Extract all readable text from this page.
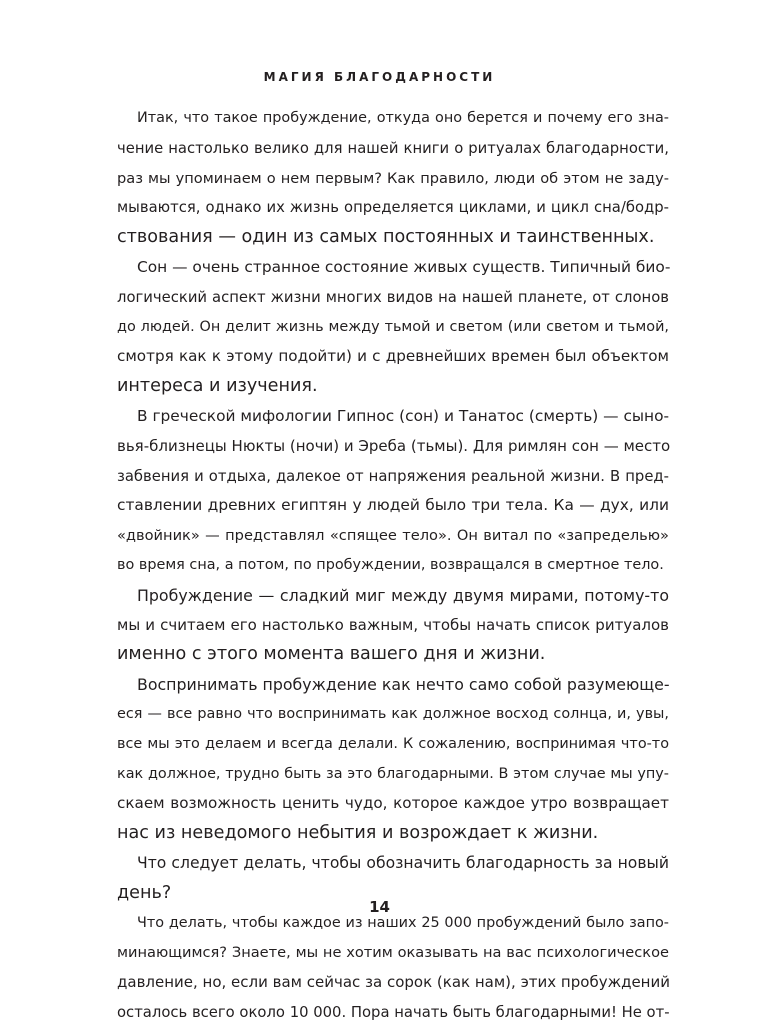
МАГИЯ БЛАГОДАРНОСТИ
Итак, что такое пробуждение, откуда оно берется и почему его зна-
чение настолько велико для нашей книги о ритуалах благодарности,
раз мы упоминаем о нем первым? Как правило, люди об этом не заду-
мываются, однако их жизнь определяется циклами, и цикл сна/бодр-
ствования — один из самых постоянных и таинственных.
Сон — очень странное состояние живых существ. Типичный био-
логический аспект жизни многих видов на нашей планете, от слонов
до людей. Он делит жизнь между тьмой и светом (или светом и тьмой,
смотря как к этому подойти) и с древнейших времен был объектом
интереса и изучения.
В греческой мифологии Гипнос (сон) и Танатос (смерть) — сыно-
вья-близнецы Нюкты (ночи) и Эреба (тьмы). Для римлян сон — место
забвения и отдыха, далекое от напряжения реальной жизни. В пред-
ставлении древних египтян у людей было три тела. Ка — дух, или
«двойник» — представлял «спящее тело». Он витал по «запределью»
во время сна, а потом, по пробуждении, возвращался в смертное тело.
Пробуждение — сладкий миг между двумя мирами, потому-то
мы и считаем его настолько важным, чтобы начать список ритуалов
именно с этого момента вашего дня и жизни.
Воспринимать пробуждение как нечто само собой разумеюще-
еся — все равно что воспринимать как должное восход солнца, и, увы,
все мы это делаем и всегда делали. К сожалению, воспринимая что-то
как должное, трудно быть за это благодарными. В этом случае мы упу-
скаем возможность ценить чудо, которое каждое утро возвращает
нас из неведомого небытия и возрождает к жизни.
Что следует делать, чтобы обозначить благодарность за новый
день?
Что делать, чтобы каждое из наших 25 000 пробуждений было запо-
минающимся? Знаете, мы не хотим оказывать на вас психологическое
давление, но, если вам сейчас за сорок (как нам), этих пробуждений
осталось всего около 10 000. Пора начать быть благодарными! Не от-
14
